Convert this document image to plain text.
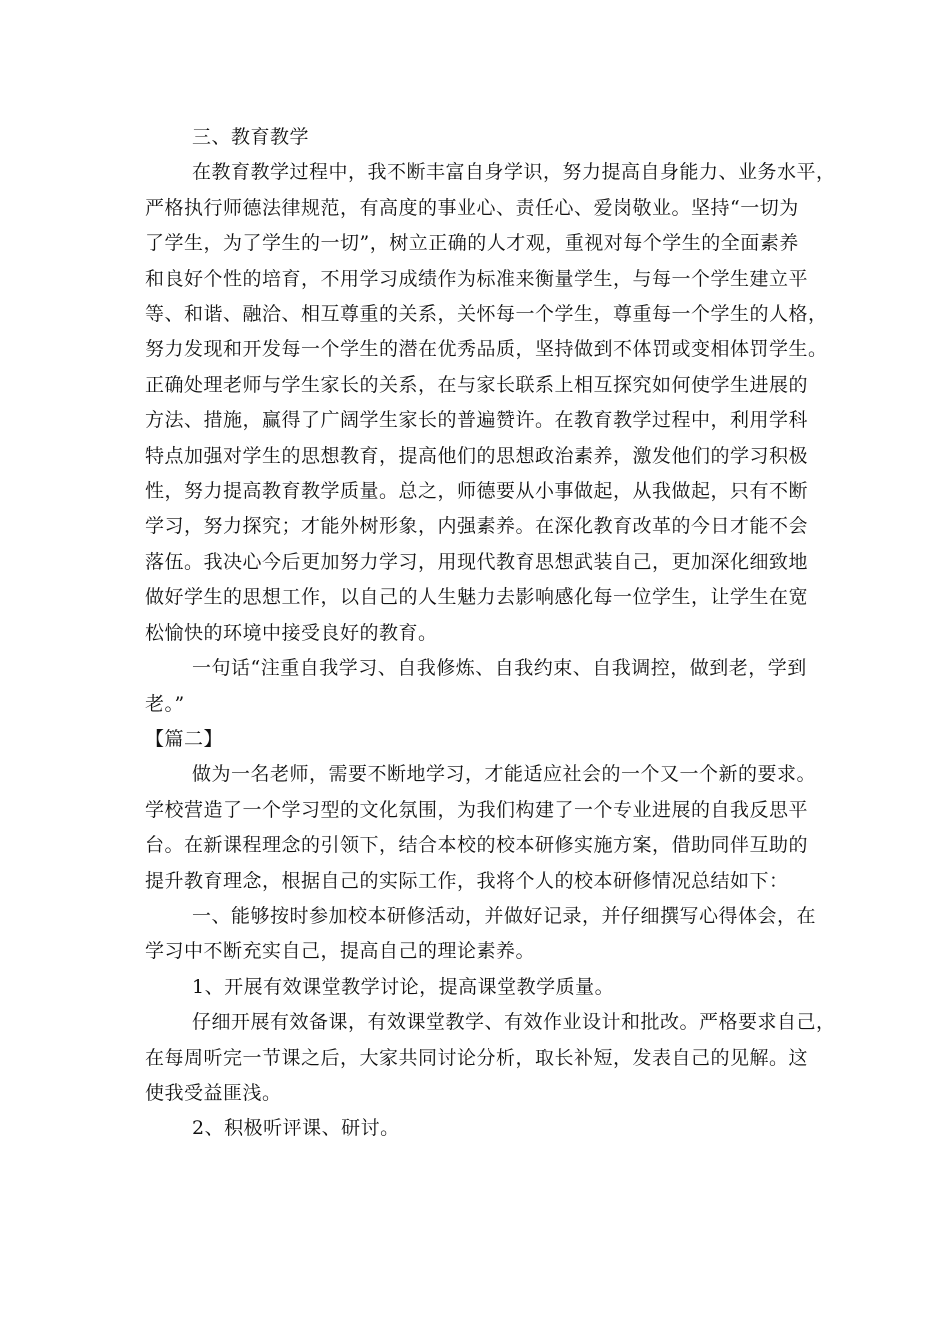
三、教育教学

在教育教学过程中，我不断丰富自身学识，努力提高自身能力、业务水平，

严格执行师德法律规范，有高度的事业心、责任心、爱岗敬业。坚持“一切为

了学生，为了学生的一切”，树立正确的人才观，重视对每个学生的全面素养

和良好个性的培育，不用学习成绩作为标准来衡量学生，与每一个学生建立平

等、和谐、融洽、相互尊重的关系，关怀每一个学生，尊重每一个学生的人格，

努力发现和开发每一个学生的潜在优秀品质，坚持做到不体罚或变相体罚学生。

正确处理老师与学生家长的关系，在与家长联系上相互探究如何使学生进展的

方法、措施，赢得了广阔学生家长的普遍赞许。在教育教学过程中，利用学科

特点加强对学生的思想教育，提高他们的思想政治素养，激发他们的学习积极

性，努力提高教育教学质量。总之，师德要从小事做起，从我做起，只有不断

学习，努力探究；才能外树形象，内强素养。在深化教育改革的今日才能不会

落伍。我决心今后更加努力学习，用现代教育思想武装自己，更加深化细致地

做好学生的思想工作，以自己的人生魅力去影响感化每一位学生，让学生在宽

松愉快的环境中接受良好的教育。

一句话“注重自我学习、自我修炼、自我约束、自我调控，做到老，学到

老。”

【篇二】

做为一名老师，需要不断地学习，才能适应社会的一个又一个新的要求。

学校营造了一个学习型的文化氛围，为我们构建了一个专业进展的自我反思平

台。在新课程理念的引领下，结合本校的校本研修实施方案，借助同伴互助的

提升教育理念，根据自己的实际工作，我将个人的校本研修情况总结如下：

一、能够按时参加校本研修活动，并做好记录，并仔细撰写心得体会，在

学习中不断充实自己，提高自己的理论素养。

1、开展有效课堂教学讨论，提高课堂教学质量。

仔细开展有效备课，有效课堂教学、有效作业设计和批改。严格要求自己，

在每周听完一节课之后，大家共同讨论分析，取长补短，发表自己的见解。这

使我受益匪浅。

2、积极听评课、研讨。
